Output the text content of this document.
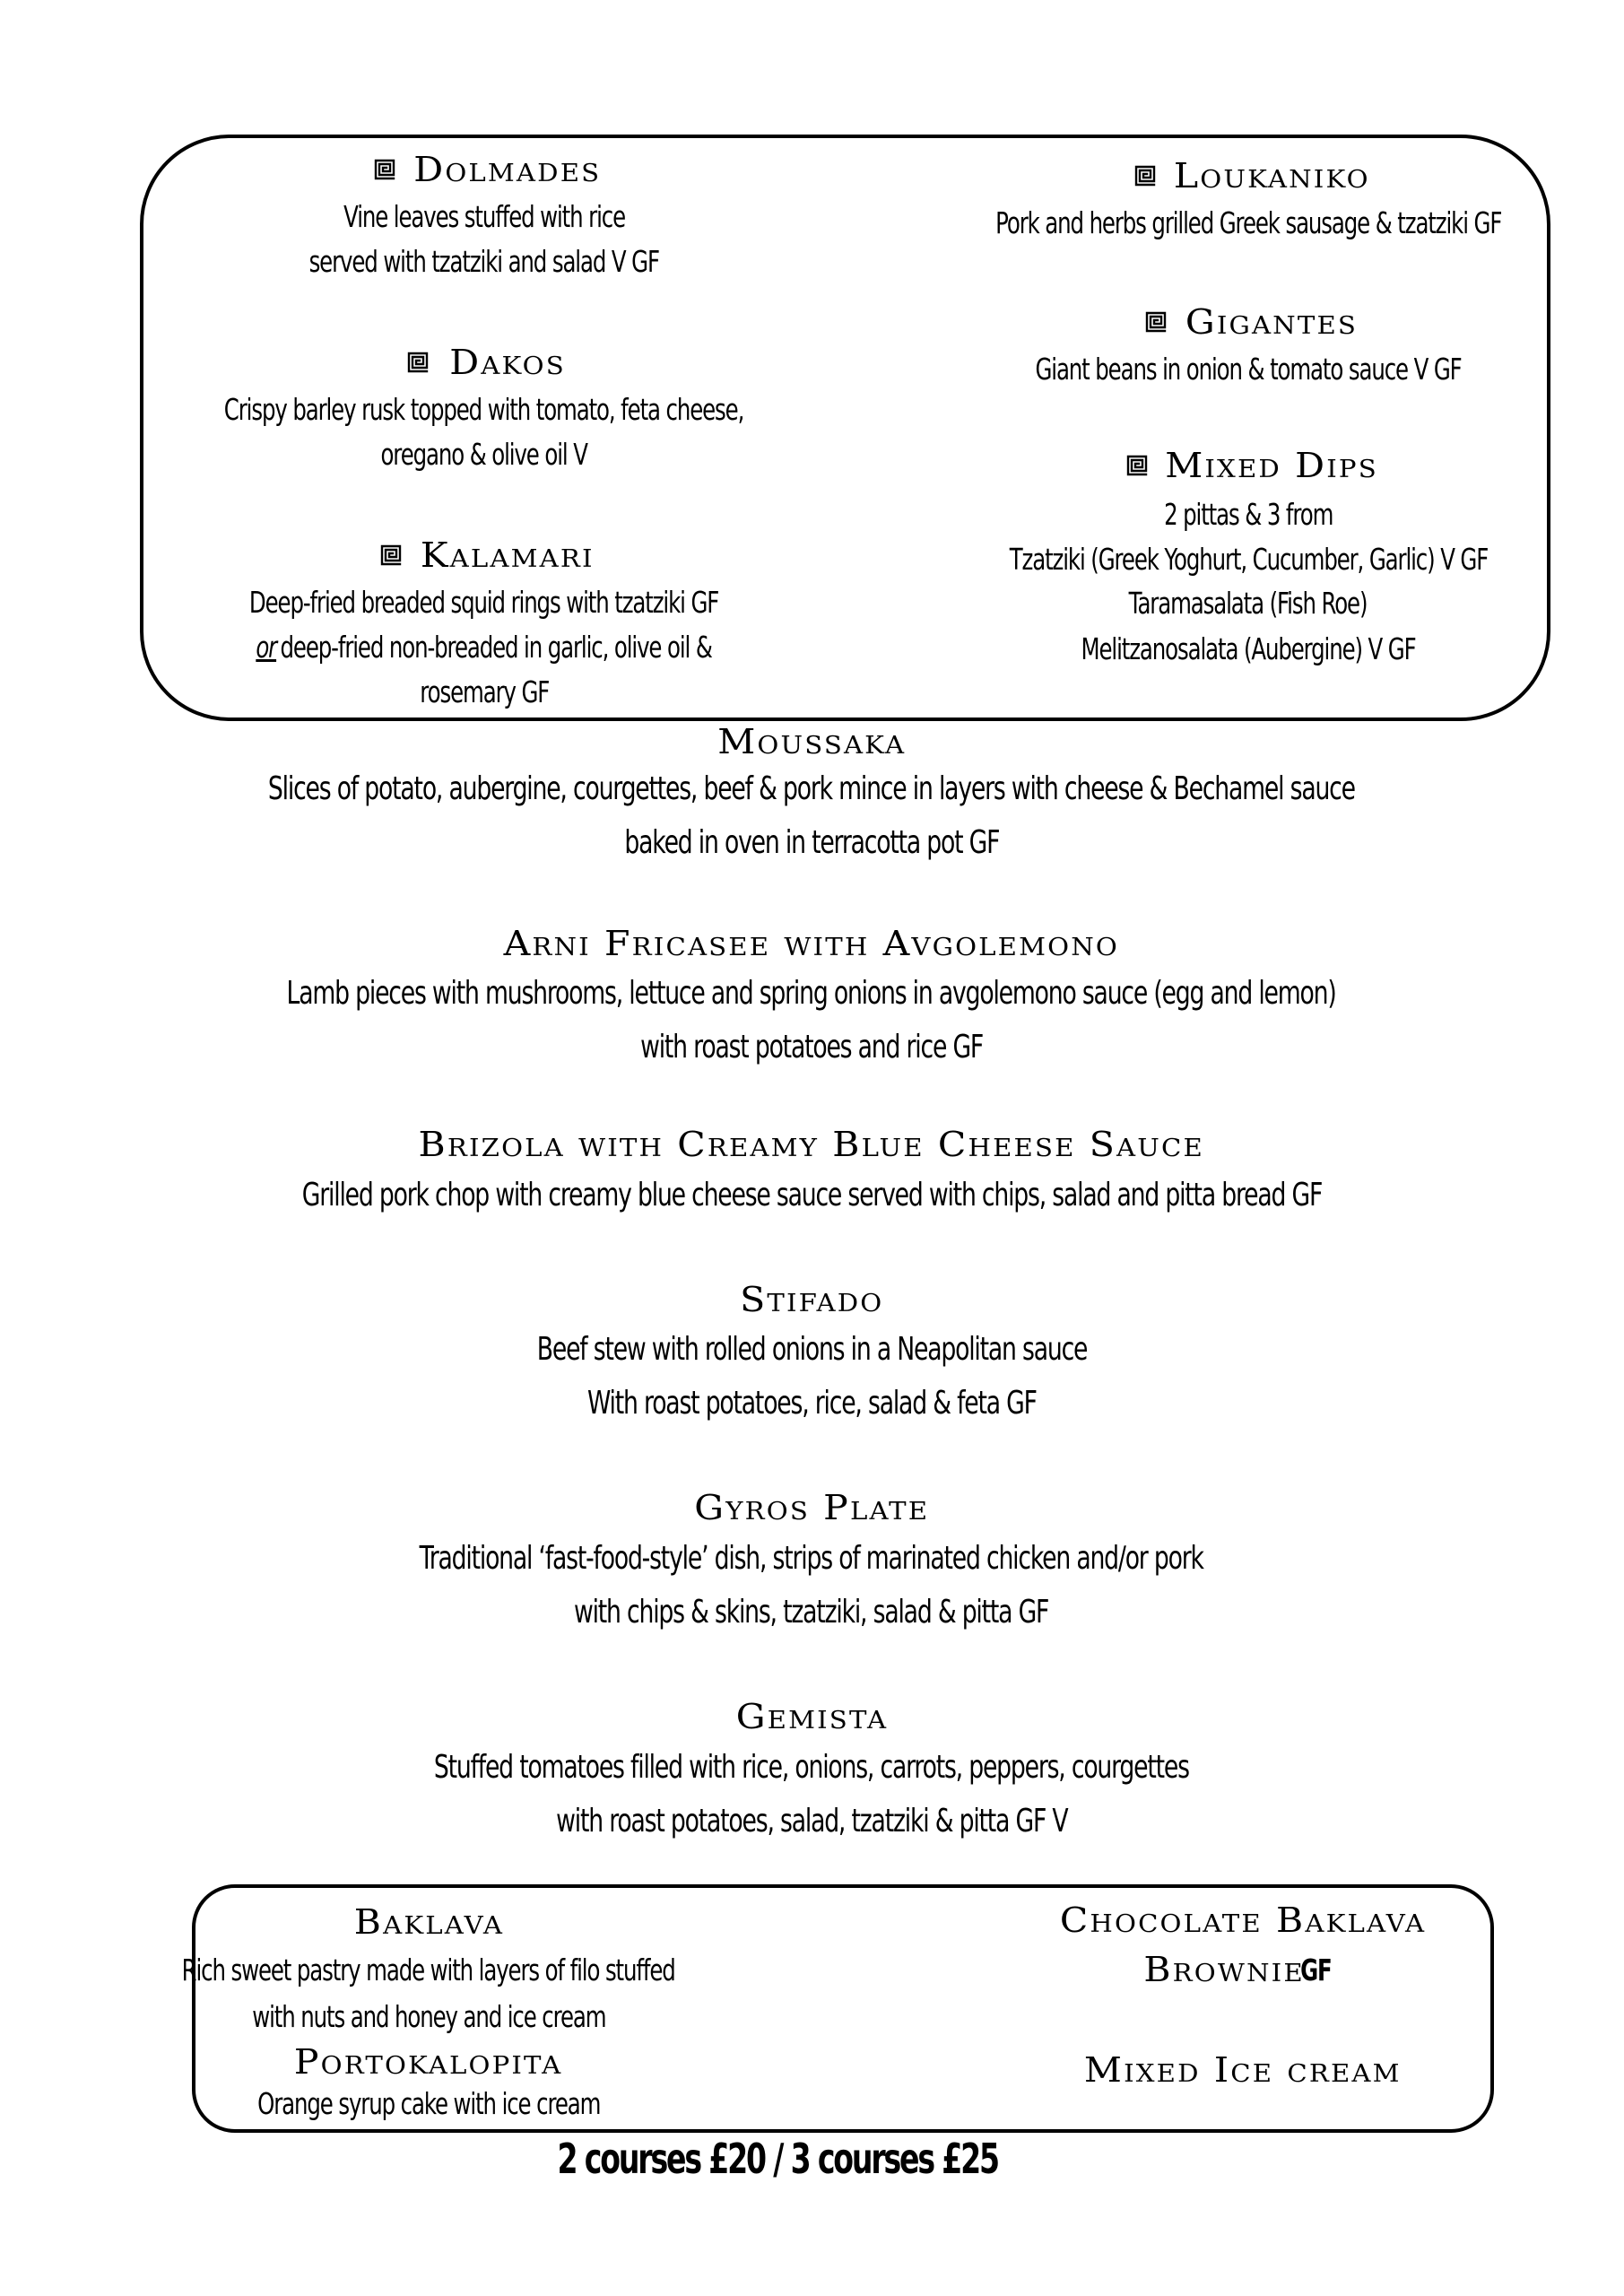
Dolmades
Vine leaves stuffed with rice
served with tzatziki and salad V GF
Dakos
Crispy barley rusk topped with tomato, feta cheese,
oregano & olive oil V
Kalamari
Deep-fried breaded squid rings with tzatziki GF
or deep-fried non-breaded in garlic, olive oil &
rosemary GF
Loukaniko
Pork and herbs grilled Greek sausage & tzatziki GF
Gigantes
Giant beans in onion & tomato sauce V GF
Mixed Dips
2 pittas & 3 from
Tzatziki (Greek Yoghurt, Cucumber, Garlic) V GF
Taramasalata (Fish Roe)
Melitzanosalata (Aubergine) V GF
Moussaka
Slices of potato, aubergine, courgettes, beef & pork mince in layers with cheese & Bechamel sauce
baked in oven in terracotta pot GF
Arni Fricasee with Avgolemono
Lamb pieces with mushrooms, lettuce and spring onions in avgolemono sauce (egg and lemon)
with roast potatoes and rice GF
Brizola with Creamy Blue Cheese Sauce
Grilled pork chop with creamy blue cheese sauce served with chips, salad and pitta bread GF
Stifado
Beef stew with rolled onions in a Neapolitan sauce
With roast potatoes, rice, salad & feta GF
Gyros Plate
Traditional ‘fast-food-style’ dish, strips of marinated chicken and/or pork
with chips & skins, tzatziki, salad & pitta GF
Gemista
Stuffed tomatoes filled with rice, onions, carrots, peppers, courgettes
with roast potatoes, salad, tzatziki & pitta GF V
Baklava
Rich sweet pastry made with layers of filo stuffed
with nuts and honey and ice cream
Portokalopita
Orange syrup cake with ice cream
Chocolate Baklava
Brownie
GF
Mixed Ice cream
2 courses £20 / 3 courses £25
